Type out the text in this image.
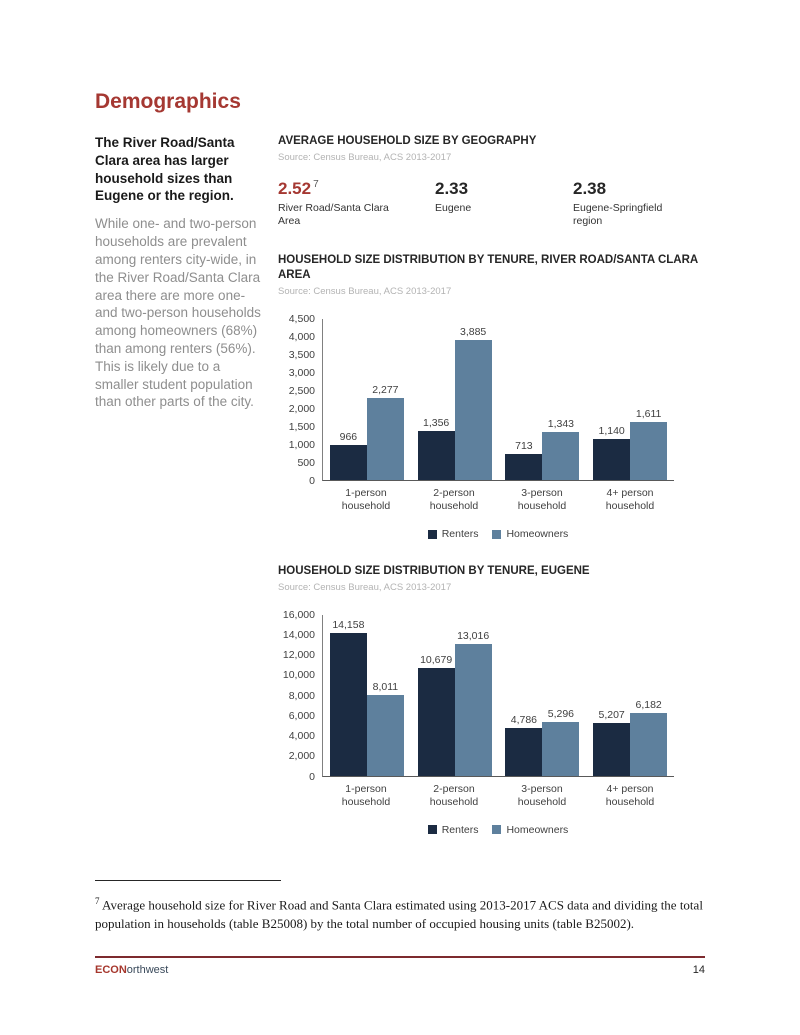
Demographics

The River Road/Santa Clara area has larger household sizes than Eugene or the region.

While one- and two-person households are prevalent among renters city-wide, in the River Road/Santa Clara area there are more one- and two-person households among homeowners (68%) than among renters (56%). This is likely due to a smaller student population than other parts of the city.

AVERAGE HOUSEHOLD SIZE BY GEOGRAPHY

Source: Census Bureau, ACS 2013-2017

2.52 $^7$
River Road/Santa Clara Area
2.33
Eugene
2.38
Eugene-Springfield region
HOUSEHOLD SIZE DISTRIBUTION BY TENURE, RIVER ROAD/SANTA CLARA AREA

Source: Census Bureau, ACS 2013-2017

0
500
1,000
1,500
2,000
2,500
3,000
3,500
4,000
4,500
966
2,277
1,356
3,885
713
1,343
1,140
1,611
1-person household
2-person household
3-person household
4+ person household
Renters	Homeowners
HOUSEHOLD SIZE DISTRIBUTION BY TENURE, EUGENE

Source: Census Bureau, ACS 2013-2017

0
2,000
4,000
6,000
8,000
10,000
12,000
14,000
16,000
14,158
8,011
10,679
13,016
4,786 5,296 5,207
6,182
1-person household
2-person household
3-person household
4+ person household
Renters	Homeowners

$^7$ Average household size for River Road and Santa Clara estimated using 2013-2017 ACS data and dividing the total population in households (table B25008) by the total number of occupied housing units (table B25002).

ECONorthwest	14
